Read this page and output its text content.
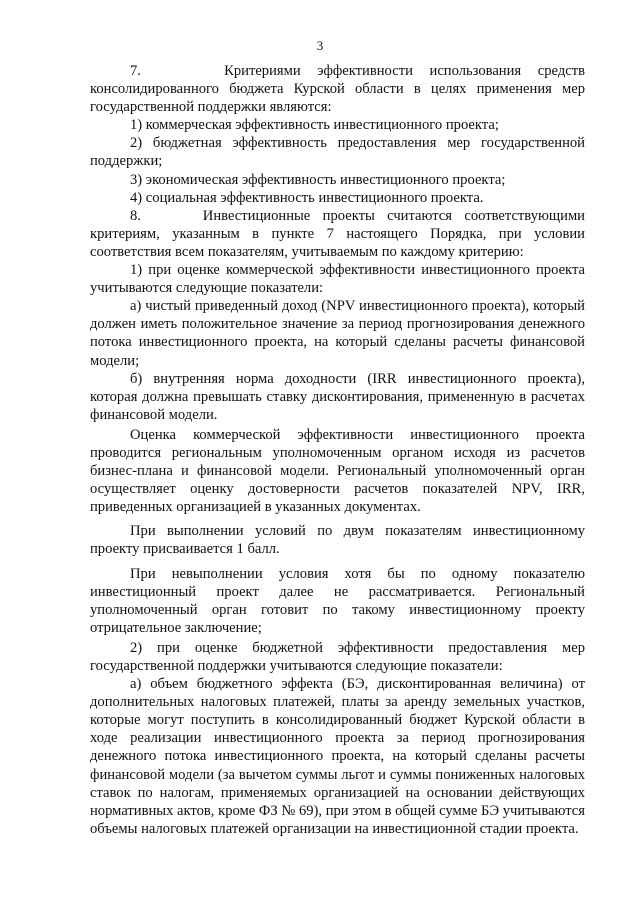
3

7.     Критериями эффективности использования средств консолидированного бюджета Курской области в целях применения мер государственной поддержки являются:

1) коммерческая эффективность инвестиционного проекта;

2) бюджетная эффективность предоставления мер государственной поддержки;

3) экономическая эффективность инвестиционного проекта;

4) социальная эффективность инвестиционного проекта.

8.     Инвестиционные проекты считаются соответствующими критериям, указанным в пункте 7 настоящего Порядка, при условии соответствия всем показателям, учитываемым по каждому критерию:

1) при оценке коммерческой эффективности инвестиционного проекта учитываются следующие показатели:

а) чистый приведенный доход (NPV инвестиционного проекта), который должен иметь положительное значение за период прогнозирования денежного потока инвестиционного проекта, на который сделаны расчеты финансовой модели;

б) внутренняя норма доходности (IRR инвестиционного проекта), которая должна превышать ставку дисконтирования, примененную в расчетах финансовой модели.

Оценка коммерческой эффективности инвестиционного проекта проводится региональным уполномоченным органом исходя из расчетов бизнес-плана и финансовой модели. Региональный уполномоченный орган осуществляет оценку достоверности расчетов показателей NPV, IRR, приведенных организацией в указанных документах.

При выполнении условий по двум показателям инвестиционному проекту присваивается 1 балл.

При невыполнении условия хотя бы по одному показателю инвестиционный проект далее не рассматривается. Региональный уполномоченный орган готовит по такому инвестиционному проекту отрицательное заключение;

2) при оценке бюджетной эффективности предоставления мер государственной поддержки учитываются следующие показатели:

а) объем бюджетного эффекта (БЭ, дисконтированная величина) от дополнительных налоговых платежей, платы за аренду земельных участков, которые могут поступить в консолидированный бюджет Курской области в ходе реализации инвестиционного проекта за период прогнозирования денежного потока инвестиционного проекта, на который сделаны расчеты финансовой модели (за вычетом суммы льгот и суммы пониженных налоговых ставок по налогам, применяемых организацией на основании действующих нормативных актов, кроме ФЗ № 69), при этом в общей сумме БЭ учитываются объемы налоговых платежей организации на инвестиционной стадии проекта.
